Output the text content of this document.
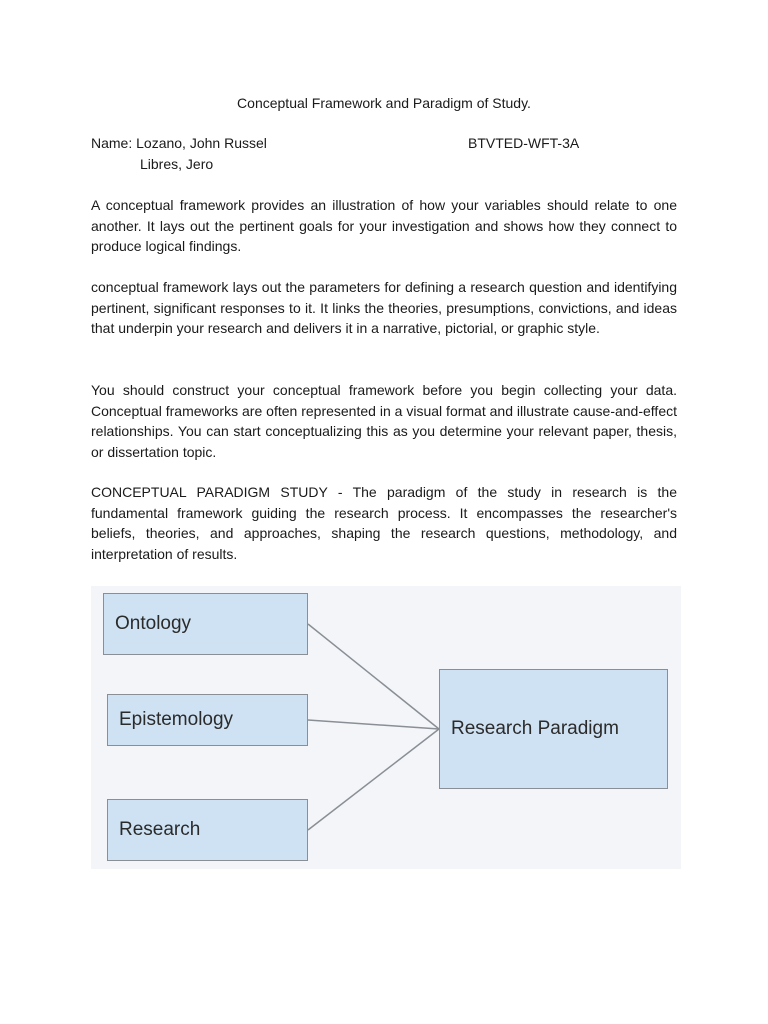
Conceptual Framework and Paradigm of Study.
Name: Lozano, John Russel	BTVTED-WFT-3A
Libres, Jero

A conceptual framework provides an illustration of how your variables should relate to one another. It lays out the pertinent goals for your investigation and shows how they connect to produce logical findings.

conceptual framework lays out the parameters for defining a research question and identifying pertinent, significant responses to it. It links the theories, presumptions, convictions, and ideas that underpin your research and delivers it in a narrative, pictorial, or graphic style.

You should construct your conceptual framework before you begin collecting your data. Conceptual frameworks are often represented in a visual format and illustrate cause-and-effect relationships. You can start conceptualizing this as you determine your relevant paper, thesis, or dissertation topic.

CONCEPTUAL PARADIGM STUDY - The paradigm of the study in research is the fundamental framework guiding the research process. It encompasses the researcher's beliefs, theories, and approaches, shaping the research questions, methodology, and interpretation of results.

Ontology
Epistemology
Research
Research Paradigm
